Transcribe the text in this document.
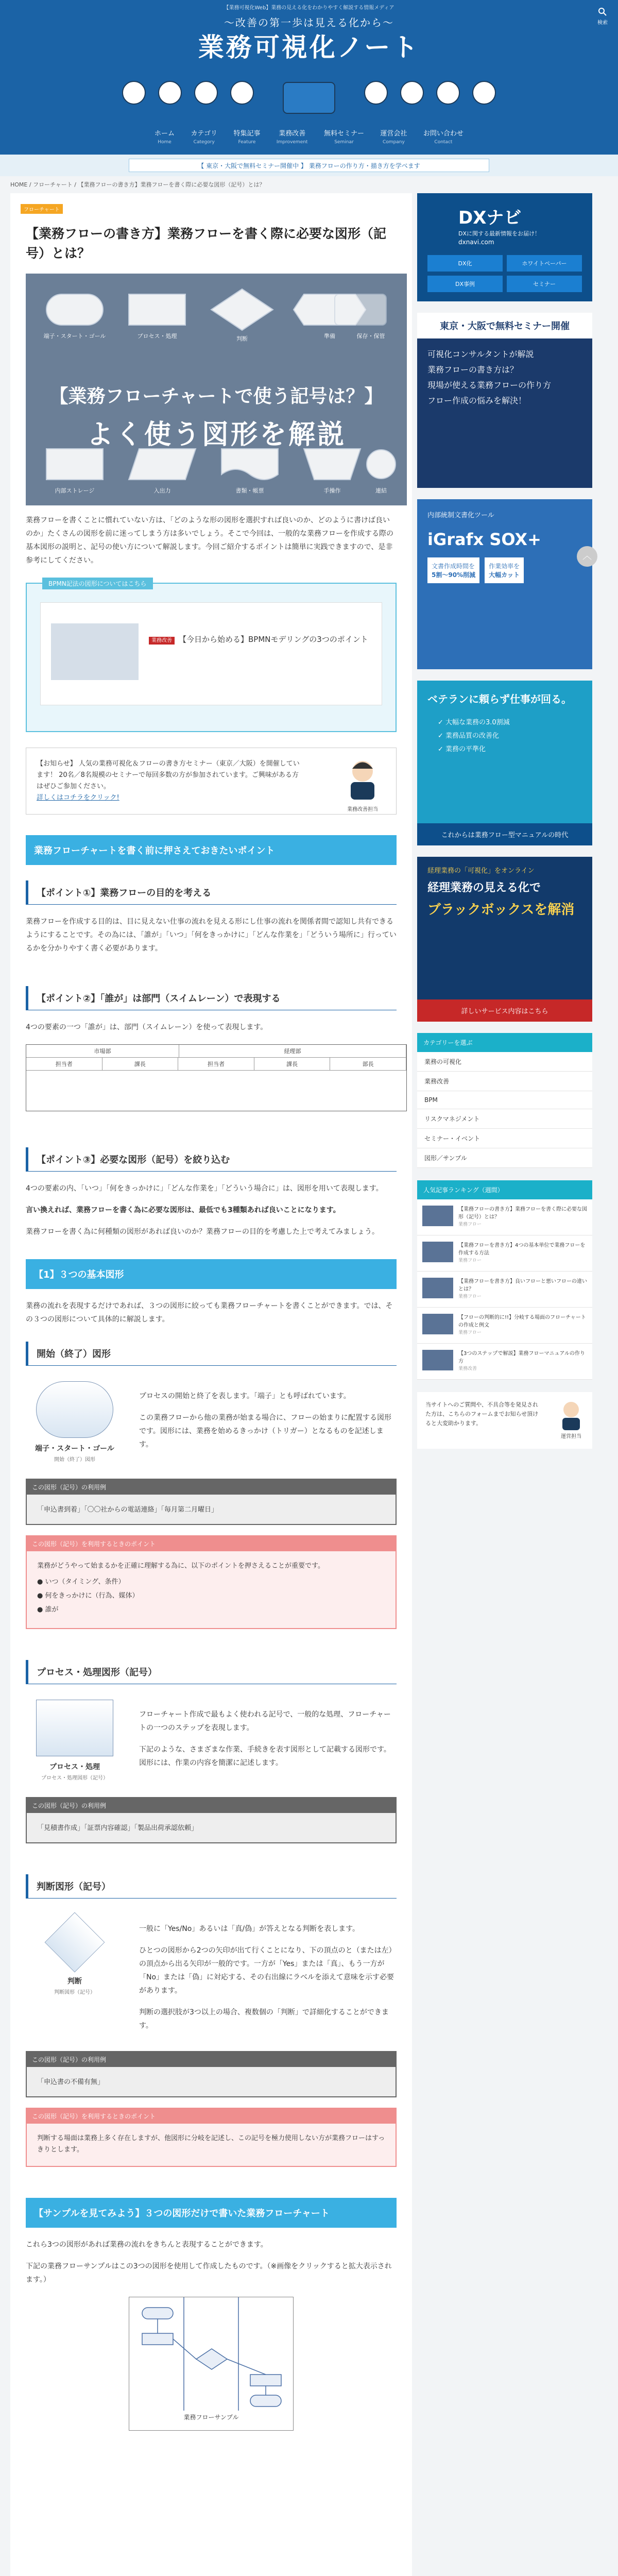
【業務可視化Web】業務の見える化をわかりやすく解説する情報メディア
〜改善の第一歩は見える化から〜
業務可視化ノート
ホーム
Home
カテゴリ
Category
特集記事
Feature
業務改善
Improvement
無料セミナー
Seminar
運営会社
Company
お問い合わせ
Contact
検索
【 東京・大阪で無料セミナー開催中 】 業務フローの作り方・描き方を学べます
HOME / フローチャート / 【業務フローの書き方】業務フローを書く際に必要な図形（記号）とは？
フローチャート
【業務フローの書き方】業務フローを書く際に必要な図形（記号）とは？
端子・スタート・ゴール	プロセス・処理	判断	準備	保存・保管
内部ストレージ	入出力	書類・帳票	手操作	連結
【業務フローチャートで使う記号は？】
よく使う図形を解説

業務フローを書くことに慣れていない方は、「どのような形の図形を選択すれば良いのか、どのように書けば良いのか」たくさんの図形を前に迷ってしまう方は多いでしょう。そこで今回は、一般的な業務フローを作成する際の基本図形の説明と、記号の使い方について解説します。今回ご紹介するポイントは簡単に実践できますので、是非参考にしてください。

BPMN記法の図形についてはこちら
業務改善 【今日から始める】BPMNモデリングの3つのポイント
【お知らせ】 人気の業務可視化＆フローの書き方セミナー（東京／大阪）を開催しています！ 20名／8名規模のセミナーで毎回多数の方が参加されています。ご興味がある方はぜひご参加ください。
詳しくはコチラをクリック!
業務改善担当
業務フローチャートを書く前に押さえておきたいポイント
【ポイント①】業務フローの目的を考える

業務フローを作成する目的は、目に見えない仕事の流れを見える形にし仕事の流れを関係者間で認知し共有できるようにすることです。その為には、「誰が」「いつ」「何をきっかけに」「どんな作業を」「どういう場所に」行っているかを分かりやすく書く必要があります。

【ポイント②】「誰が」は部門（スイムレーン）で表現する

4つの要素の一つ「誰が」は、部門（スイムレーン）を使って表現します。

市場部	経理部
担当者	課長	担当者	課長	部長
【ポイント③】必要な図形（記号）を絞り込む

4つの要素の内、「いつ」「何をきっかけに」「どんな作業を」「どういう場合に」は、図形を用いて表現します。

言い換えれば、業務フローを書く為に必要な図形は、最低でも3種類あれば良いことになります。

業務フローを書く為に何種類の図形があれば良いのか？業務フローの目的を考慮した上で考えてみましょう。

【1】３つの基本図形

業務の流れを表現するだけであれば、３つの図形に絞っても業務フローチャートを書くことができます。では、その３つの図形について具体的に解説します。

開始（終了）図形
端子・スタート・ゴール
開始（終了）図形

プロセスの開始と終了を表します。「端子」とも呼ばれています。

この業務フローから他の業務が始まる場合に、フローの始まりに配置する図形です。図形には、業務を始めるきっかけ（トリガー）となるものを記述します。

この図形（記号）の利用例
「申込書到着」「〇〇社からの電話連絡」「毎月第二月曜日」
この図形（記号）を利用するときのポイント
業務がどうやって始まるかを正確に理解する為に、以下のポイントを押さえることが重要です。
● いつ（タイミング、条件）
● 何をきっかけに（行為、媒体）
● 誰が
プロセス・処理図形（記号）
プロセス・処理
プロセス・処理図形（記号）

フローチャート作成で最もよく使われる記号で、一般的な処理、フローチャートの一つのステップを表現します。

下記のような、さまざまな作業、手続きを表す図形として記載する図形です。図形には、作業の内容を簡潔に記述します。

この図形（記号）の利用例
「見積書作成」「証票内容確認」「製品出荷承認依頼」
判断図形（記号）
判断
判断図形（記号）

一般に「Yes/No」あるいは「真/偽」が答えとなる判断を表します。

ひとつの図形から2つの矢印が出て行くことになり、下の頂点のと（または左）の頂点から出る矢印が一般的です。一方が「Yes」または「真」、もう一方が「No」または「偽」に対応する、その右出線にラベルを添えて意味を示す必要があります。

判断の選択肢が3つ以上の場合、複数個の「判断」で詳細化することができます。

この図形（記号）の利用例
「申込書の不備有無」
この図形（記号）を利用するときのポイント
判断する場面は業務上多く存在しますが、他図形に分岐を記述し、この記号を極力使用しない方が業務フローはすっきりとします。
【サンプルを見てみよう】３つの図形だけで書いた業務フローチャート

これら3つの図形があれば業務の流れをきちんと表現することができます。

下記の業務フローサンプルはこの3つの図形を使用して作成したものです。（※画像をクリックすると拡大表示されます。）

業務フローサンプル
DXナビ
DXに関する最新情報をお届け！
dxnavi.com
DX化	ホワイトペーパー
DX事例	セミナー
東京・大阪で無料セミナー開催
可視化コンサルタントが解説
業務フローの書き方は？
現場が使える業務フローの作り方
フロー作成の悩みを解決！
内部統制文書化ツール
iGrafx SOX+
文書作成時間を
5割〜90%削減
作業効率を
大幅カット
ベテランに頼らず仕事が回る。
✓ 大幅な業務の3.0割減
✓ 業務品質の改善化
✓ 業務の平準化
これからは業務フロー型マニュアルの時代
経理業務の「可視化」をオンライン
経理業務の見える化で
ブラックボックスを解消
詳しいサービス内容はこちら
カテゴリーを選ぶ
業務の可視化
業務改善
BPM
リスクマネジメント
セミナー・イベント
図形／サンプル
人気記事ランキング（週間）
【業務フローの書き方】業務フローを書く際に必要な図形（記号）とは？
業務フロー
【業務フローを書き方】4つの基本単位で業務フローを作成する方法
業務フロー
【業務フローを書き方】良いフローと悪いフローの違いとは？
業務フロー
【フローの判断的に!!】分岐する場面のフローチャートの作成と例文
業務フロー
【3つのステップで解説】業務フローマニュアルの作り方
業務改善
当サイトへのご質問や、不具合等を発見された方は、こちらのフォームまでお知らせ頂けると大変助かります。
運営担当
︿
